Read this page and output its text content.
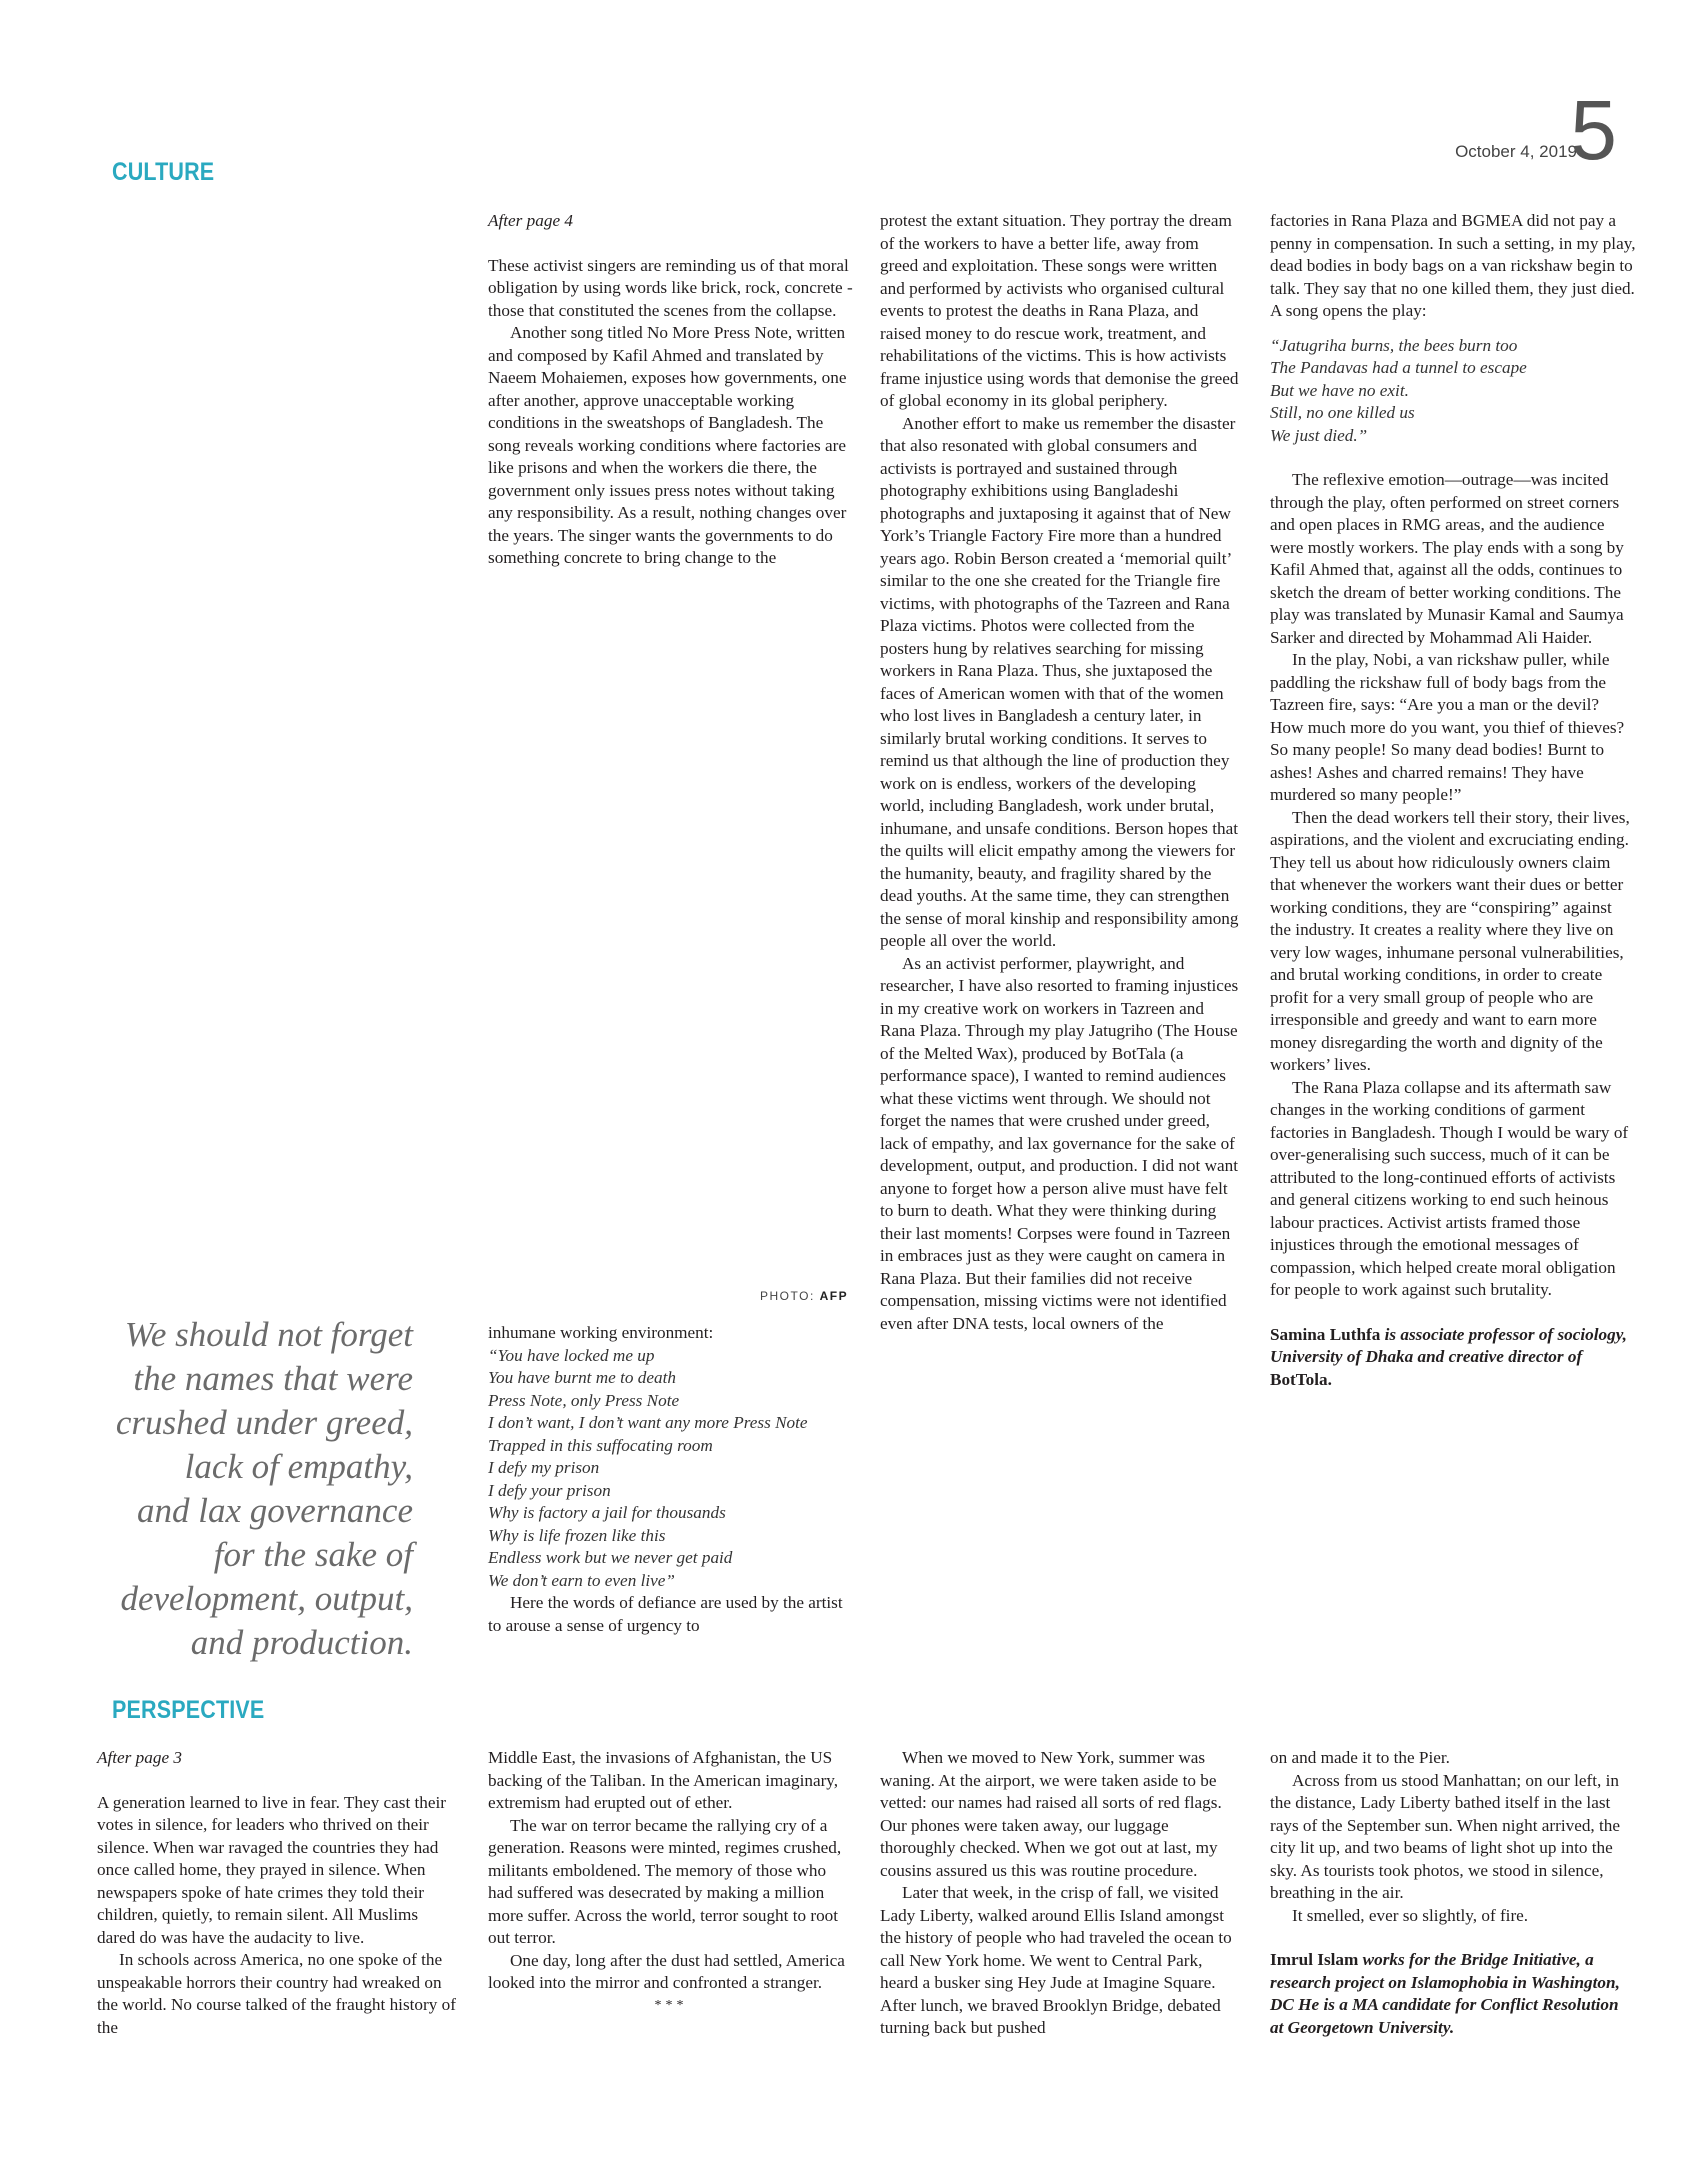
October 4, 2019
5
CULTURE
After page 4

These activist singers are reminding us of that moral obligation by using words like brick, rock, concrete - those that constituted the scenes from the collapse.

Another song titled No More Press Note, written and composed by Kafil Ahmed and translated by Naeem Mohaiemen, exposes how governments, one after another, approve unacceptable working conditions in the sweatshops of Bangladesh. The song reveals working conditions where factories are like prisons and when the workers die there, the government only issues press notes without taking any responsibility. As a result, nothing changes over the years. The singer wants the governments to do something concrete to bring change to the

PHOTO: AFP
inhumane working environment:
“You have locked me up
You have burnt me to death
Press Note, only Press Note
I don’t want, I don’t want any more Press Note
Trapped in this suffocating room
I defy my prison
I defy your prison
Why is factory a jail for thousands
Why is life frozen like this
Endless work but we never get paid
We don’t earn to even live”

Here the words of defiance are used by the artist to arouse a sense of urgency to

protest the extant situation. They portray the dream of the workers to have a better life, away from greed and exploitation. These songs were written and performed by activists who organised cultural events to protest the deaths in Rana Plaza, and raised money to do rescue work, treatment, and rehabilitations of the victims. This is how activists frame injustice using words that demonise the greed of global economy in its global periphery.

Another effort to make us remember the disaster that also resonated with global consumers and activists is portrayed and sustained through photography exhibitions using Bangladeshi photographs and juxtaposing it against that of New York’s Triangle Factory Fire more than a hundred years ago. Robin Berson created a ‘memorial quilt’ similar to the one she created for the Triangle fire victims, with photographs of the Tazreen and Rana Plaza victims. Photos were collected from the posters hung by relatives searching for missing workers in Rana Plaza. Thus, she juxtaposed the faces of American women with that of the women who lost lives in Bangladesh a century later, in similarly brutal working conditions. It serves to remind us that although the line of production they work on is endless, workers of the developing world, including Bangladesh, work under brutal, inhumane, and unsafe conditions. Berson hopes that the quilts will elicit empathy among the viewers for the humanity, beauty, and fragility shared by the dead youths. At the same time, they can strengthen the sense of moral kinship and responsibility among people all over the world.

As an activist performer, playwright, and researcher, I have also resorted to framing injustices in my creative work on workers in Tazreen and Rana Plaza. Through my play Jatugriho (The House of the Melted Wax), produced by BotTala (a performance space), I wanted to remind audiences what these victims went through. We should not forget the names that were crushed under greed, lack of empathy, and lax governance for the sake of development, output, and production. I did not want anyone to forget how a person alive must have felt to burn to death. What they were thinking during their last moments! Corpses were found in Tazreen in embraces just as they were caught on camera in Rana Plaza. But their families did not receive compensation, missing victims were not identified even after DNA tests, local owners of the

factories in Rana Plaza and BGMEA did not pay a penny in compensation. In such a setting, in my play, dead bodies in body bags on a van rickshaw begin to talk. They say that no one killed them, they just died. A song opens the play:

“Jatugriha burns, the bees burn too
The Pandavas had a tunnel to escape
But we have no exit.
Still, no one killed us
We just died.”

The reflexive emotion—outrage—was incited through the play, often performed on street corners and open places in RMG areas, and the audience were mostly workers. The play ends with a song by Kafil Ahmed that, against all the odds, continues to sketch the dream of better working conditions. The play was translated by Munasir Kamal and Saumya Sarker and directed by Mohammad Ali Haider.

In the play, Nobi, a van rickshaw puller, while paddling the rickshaw full of body bags from the Tazreen fire, says: “Are you a man or the devil? How much more do you want, you thief of thieves? So many people! So many dead bodies! Burnt to ashes! Ashes and charred remains! They have murdered so many people!”

Then the dead workers tell their story, their lives, aspirations, and the violent and excruciating ending. They tell us about how ridiculously owners claim that whenever the workers want their dues or better working conditions, they are “conspiring” against the industry. It creates a reality where they live on very low wages, inhumane personal vulnerabilities, and brutal working conditions, in order to create profit for a very small group of people who are irresponsible and greedy and want to earn more money disregarding the worth and dignity of the workers’ lives.

The Rana Plaza collapse and its aftermath saw changes in the working conditions of garment factories in Bangladesh. Though I would be wary of over-generalising such success, much of it can be attributed to the long-continued efforts of activists and general citizens working to end such heinous labour practices. Activist artists framed those injustices through the emotional messages of compassion, which helped create moral obligation for people to work against such brutality.

Samina Luthfa is associate professor of sociology, University of Dhaka and creative director of BotTola.
We should not forget
the names that were
crushed under greed,
lack of empathy,
and lax governance
for the sake of
development, output,
and production.
PERSPECTIVE
After page 3

A generation learned to live in fear. They cast their votes in silence, for leaders who thrived on their silence. When war ravaged the countries they had once called home, they prayed in silence. When newspapers spoke of hate crimes they told their children, quietly, to remain silent. All Muslims dared do was have the audacity to live.

In schools across America, no one spoke of the unspeakable horrors their country had wreaked on the world. No course talked of the fraught history of the

Middle East, the invasions of Afghanistan, the US backing of the Taliban. In the American imaginary, extremism had erupted out of ether.

The war on terror became the rallying cry of a generation. Reasons were minted, regimes crushed, militants emboldened. The memory of those who had suffered was desecrated by making a million more suffer. Across the world, terror sought to root out terror.

One day, long after the dust had settled, America looked into the mirror and confronted a stranger.

***

When we moved to New York, summer was waning. At the airport, we were taken aside to be vetted: our names had raised all sorts of red flags. Our phones were taken away, our luggage thoroughly checked. When we got out at last, my cousins assured us this was routine procedure.

Later that week, in the crisp of fall, we visited Lady Liberty, walked around Ellis Island amongst the history of people who had traveled the ocean to call New York home. We went to Central Park, heard a busker sing Hey Jude at Imagine Square. After lunch, we braved Brooklyn Bridge, debated turning back but pushed

on and made it to the Pier.

Across from us stood Manhattan; on our left, in the distance, Lady Liberty bathed itself in the last rays of the September sun. When night arrived, the city lit up, and two beams of light shot up into the sky. As tourists took photos, we stood in silence, breathing in the air.

It smelled, ever so slightly, of fire.

Imrul Islam works for the Bridge Initiative, a research project on Islamophobia in Washington, DC He is a MA candidate for Conflict Resolution at Georgetown University.
